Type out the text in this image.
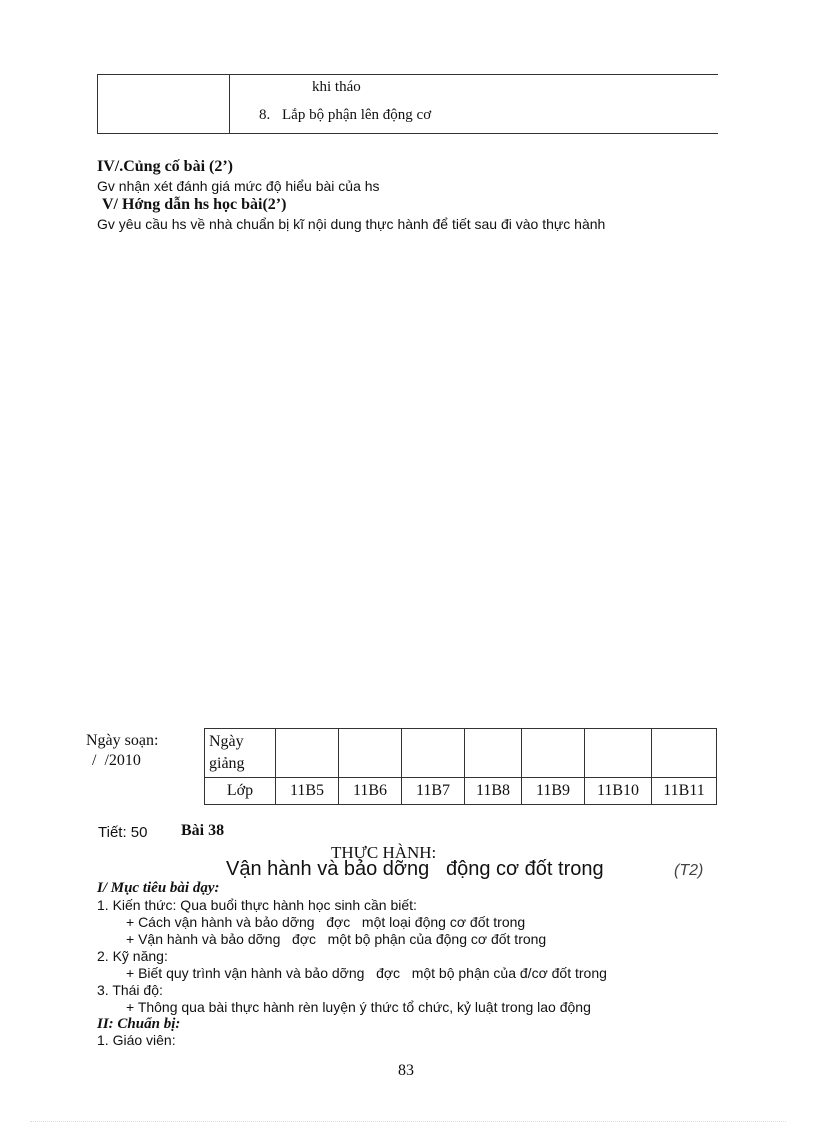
khi tháo
8. Lắp bộ phận lên động cơ
IV/.Củng cố bài (2’)
Gv nhận xét đánh giá mức độ hiểu bài của hs
V/ Hớng dẫn hs học bài(2’)
Gv yêu cầu hs về nhà chuẩn bị kĩ nội dung thực hành để tiết sau đi vào thực hành
Ngày soạn:
/  /2010
Ngày giảng							
Lớp	11B5	11B6	11B7	11B8	11B9	11B10	11B11
Tiết: 50 Bài 38
THỰC HÀNH:
Vận hành và bảo dỡng   động cơ đốt trong	(T2)
I/ Mục tiêu bài dạy:
1. Kiến thức: Qua buổi thực hành học sinh cần biết:
+ Cách vận hành và bảo dỡng   đợc   một loại động cơ đốt trong
+ Vận hành và bảo dỡng   đợc   một bộ phận của động cơ đốt trong
2. Kỹ năng:
+ Biết quy trình vận hành và bảo dỡng   đợc   một bộ phận của đ/cơ đốt trong
3. Thái độ:
+ Thông qua bài thực hành rèn luyện ý thức tổ chức, kỷ luật trong lao động
II: Chuẩn bị:
1. Giáo viên:
83
